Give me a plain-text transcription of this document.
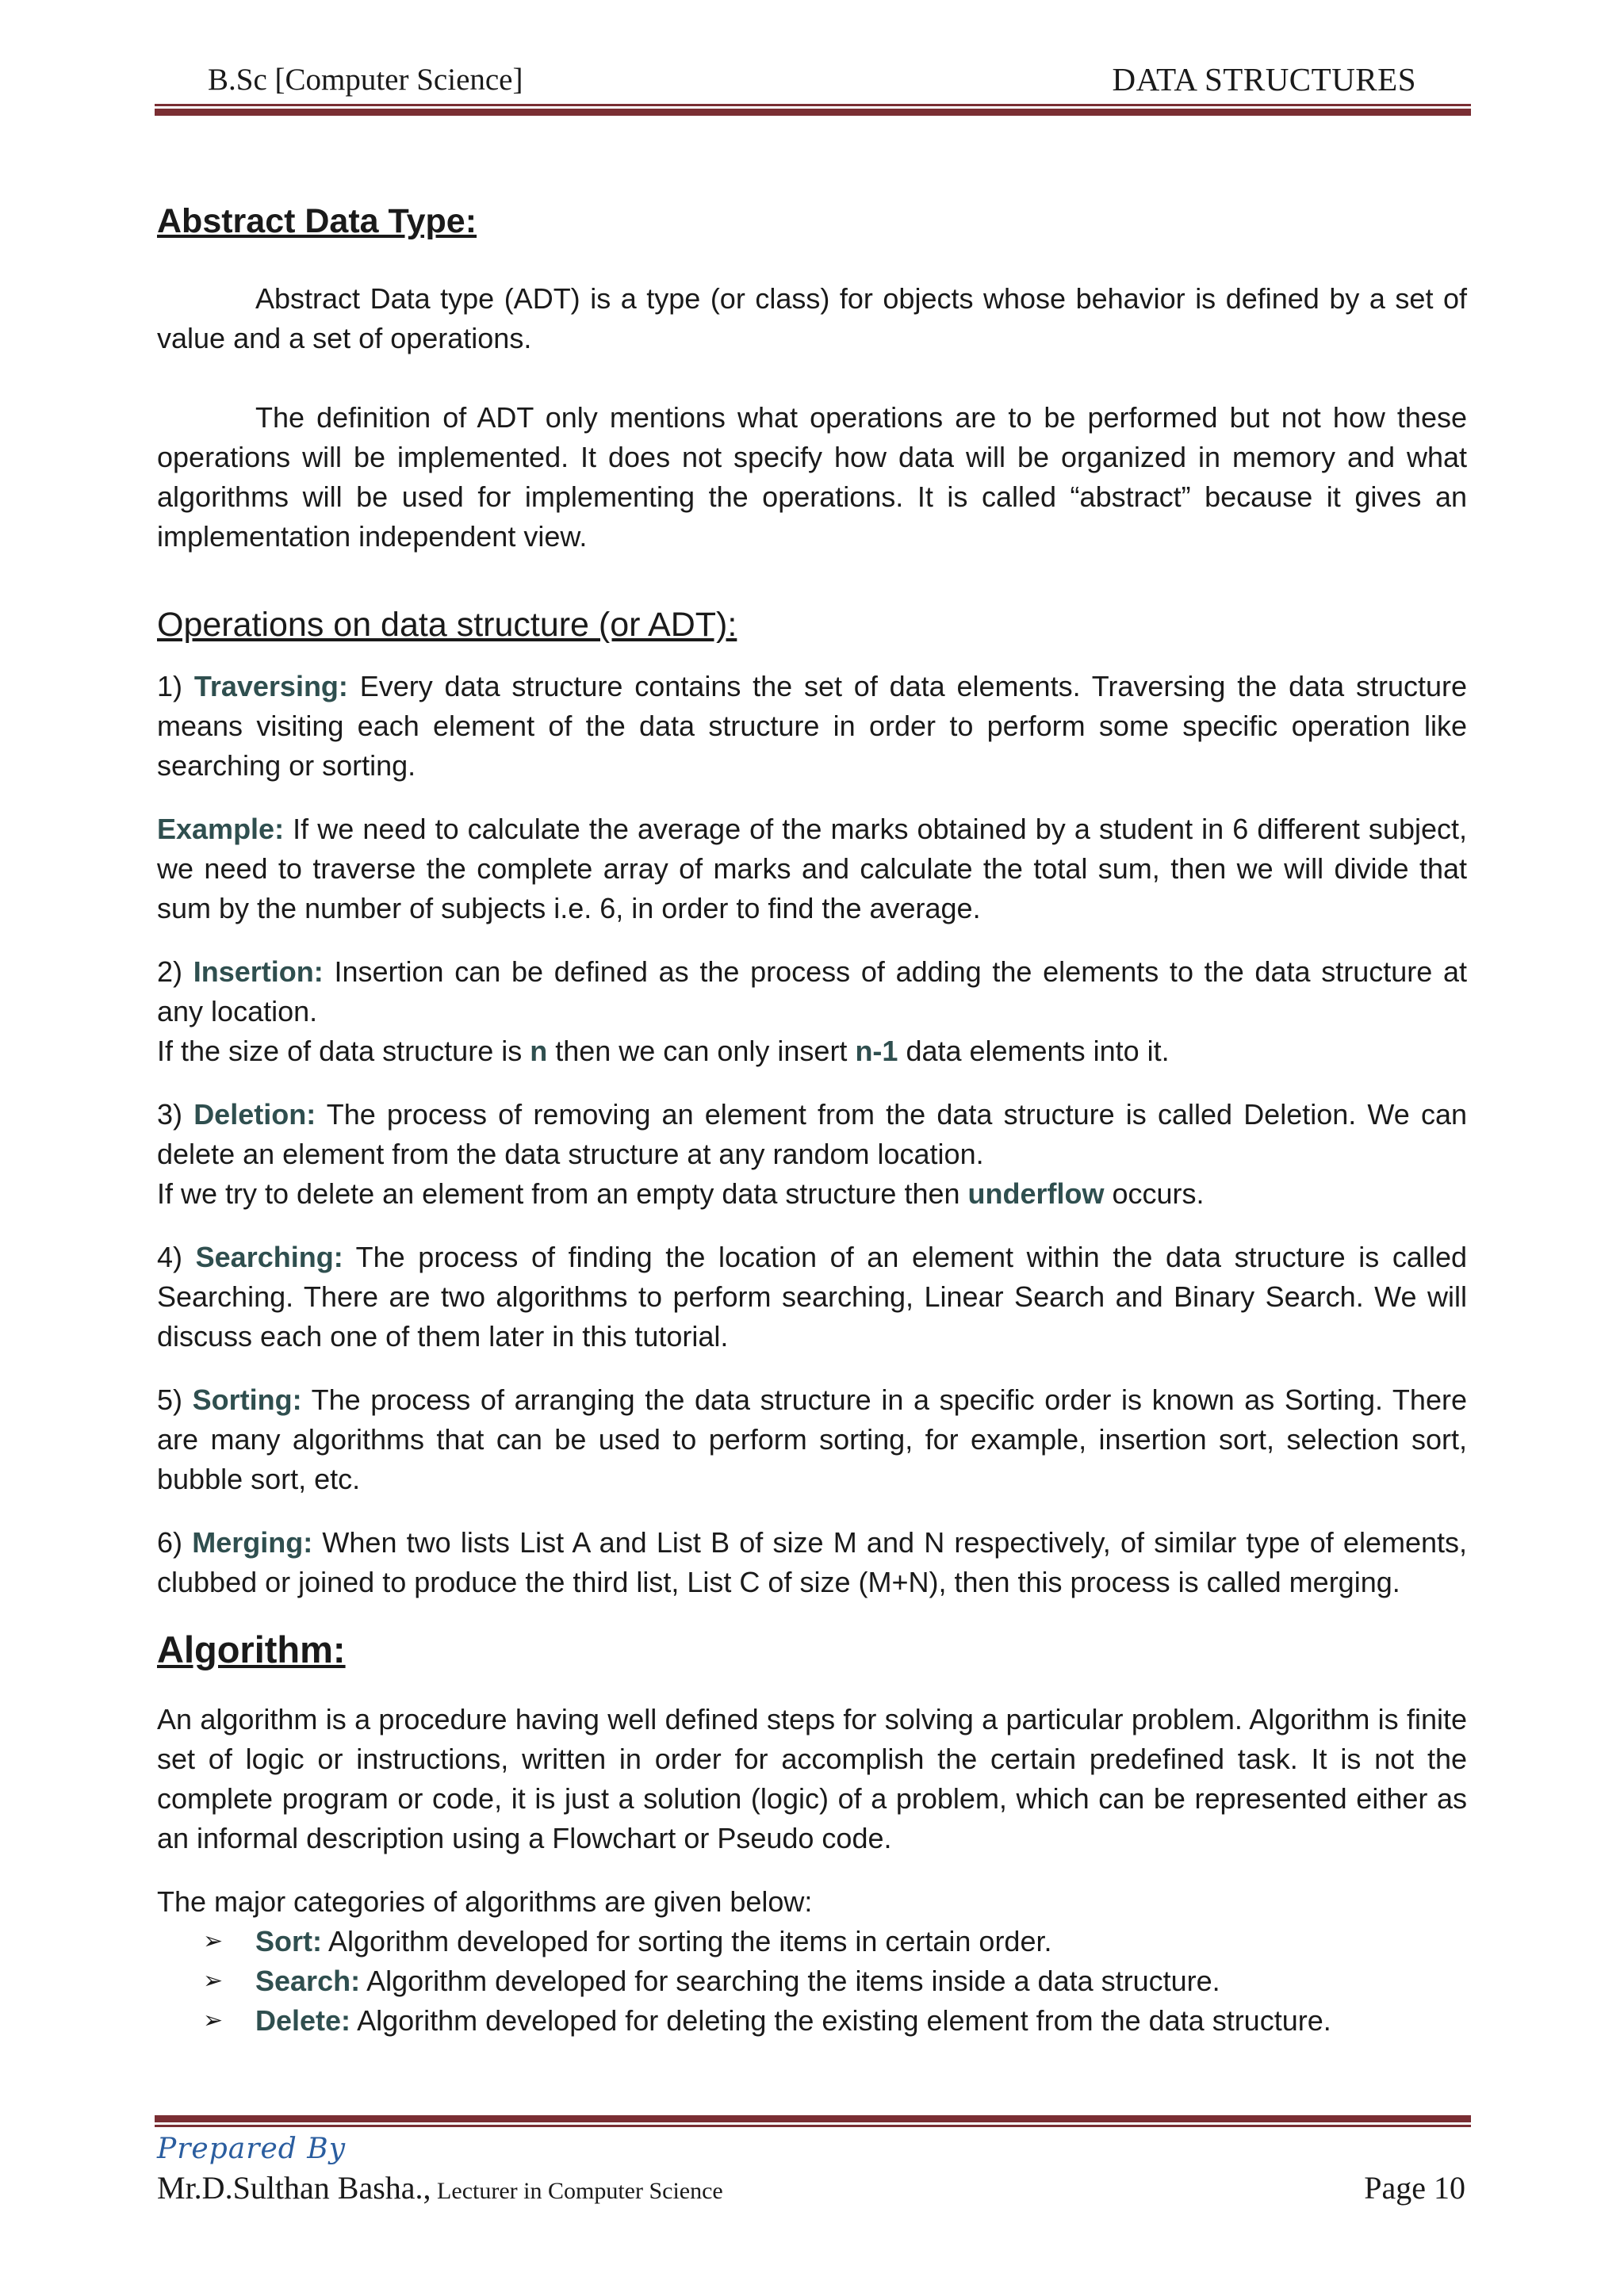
B.Sc [Computer Science]	DATA STRUCTURES
Abstract Data Type:

Abstract Data type (ADT) is a type (or class) for objects whose behavior is defined by a set of value and a set of operations.

The definition of ADT only mentions what operations are to be performed but not how these operations will be implemented. It does not specify how data will be organized in memory and what algorithms will be used for implementing the operations. It is called “abstract” because it gives an implementation independent view.

Operations on data structure (or ADT):

1) Traversing: Every data structure contains the set of data elements. Traversing the data structure means visiting each element of the data structure in order to perform some specific operation like searching or sorting.

Example: If we need to calculate the average of the marks obtained by a student in 6 different subject, we need to traverse the complete array of marks and calculate the total sum, then we will divide that sum by the number of subjects i.e. 6, in order to find the average.

2) Insertion: Insertion can be defined as the process of adding the elements to the data structure at any location.
If the size of data structure is n then we can only insert n-1 data elements into it.

3) Deletion: The process of removing an element from the data structure is called Deletion. We can delete an element from the data structure at any random location.
If we try to delete an element from an empty data structure then underflow occurs.

4) Searching: The process of finding the location of an element within the data structure is called Searching. There are two algorithms to perform searching, Linear Search and Binary Search. We will discuss each one of them later in this tutorial.

5) Sorting: The process of arranging the data structure in a specific order is known as Sorting. There are many algorithms that can be used to perform sorting, for example, insertion sort, selection sort, bubble sort, etc.

6) Merging: When two lists List A and List B of size M and N respectively, of similar type of elements, clubbed or joined to produce the third list, List C of size (M+N), then this process is called merging.

Algorithm:

An algorithm is a procedure having well defined steps for solving a particular problem. Algorithm is finite set of logic or instructions, written in order for accomplish the certain predefined task. It is not the complete program or code, it is just a solution (logic) of a problem, which can be represented either as an informal description using a Flowchart or Pseudo code.

The major categories of algorithms are given below:

➢ Sort: Algorithm developed for sorting the items in certain order.
➢ Search: Algorithm developed for searching the items inside a data structure.
➢ Delete: Algorithm developed for deleting the existing element from the data structure.
Prepared By
Mr.D.Sulthan Basha., Lecturer in Computer Science	Page 10
